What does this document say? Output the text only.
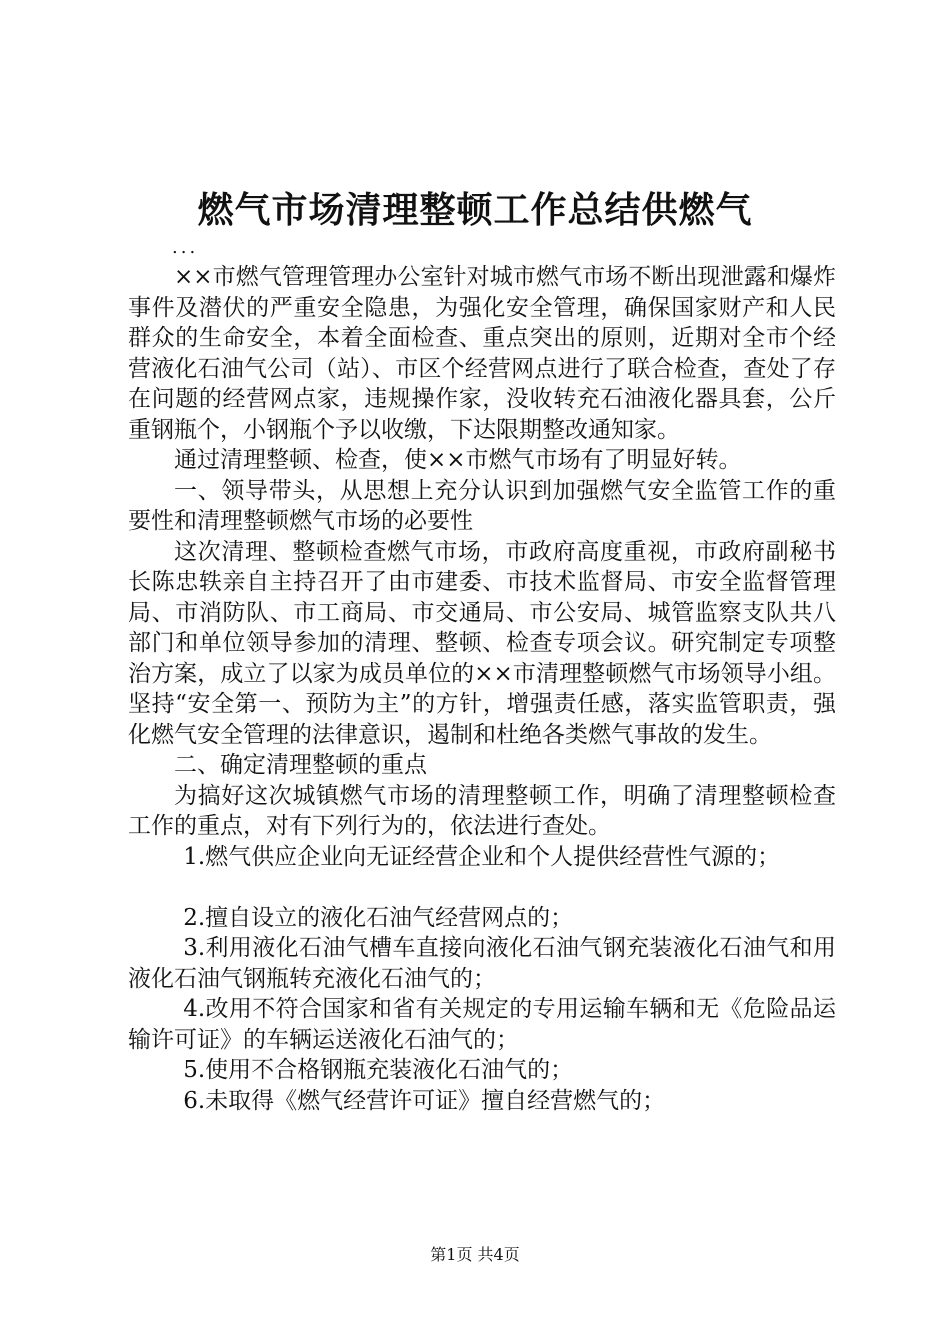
燃气市场清理整顿工作总结供燃气
...

××市燃气管理管理办公室针对城市燃气市场不断出现泄露和爆炸事件及潜伏的严重安全隐患，为强化安全管理，确保国家财产和人民群众的生命安全，本着全面检查、重点突出的原则，近期对全市个经营液化石油气公司（站）、市区个经营网点进行了联合检查，查处了存在问题的经营网点家，违规操作家，没收转充石油液化器具套，公斤重钢瓶个，小钢瓶个予以收缴，下达限期整改通知家。

通过清理整顿、检查，使××市燃气市场有了明显好转。

一、领导带头，从思想上充分认识到加强燃气安全监管工作的重要性和清理整顿燃气市场的必要性

这次清理、整顿检查燃气市场，市政府高度重视，市政府副秘书长陈忠轶亲自主持召开了由市建委、市技术监督局、市安全监督管理局、市消防队、市工商局、市交通局、市公安局、城管监察支队共八部门和单位领导参加的清理、整顿、检查专项会议。研究制定专项整治方案，成立了以家为成员单位的××市清理整顿燃气市场领导小组。坚持“安全第一、预防为主”的方针，增强责任感，落实监管职责，强化燃气安全管理的法律意识，遏制和杜绝各类燃气事故的发生。

二、确定清理整顿的重点

为搞好这次城镇燃气市场的清理整顿工作，明确了清理整顿检查工作的重点，对有下列行为的，依法进行查处。

1.燃气供应企业向无证经营企业和个人提供经营性气源的；

2.擅自设立的液化石油气经营网点的；

3.利用液化石油气槽车直接向液化石油气钢充装液化石油气和用液化石油气钢瓶转充液化石油气的；

4.改用不符合国家和省有关规定的专用运输车辆和无《危险品运输许可证》的车辆运送液化石油气的；

5.使用不合格钢瓶充装液化石油气的；

6.未取得《燃气经营许可证》擅自经营燃气的；

第1页 共4页
